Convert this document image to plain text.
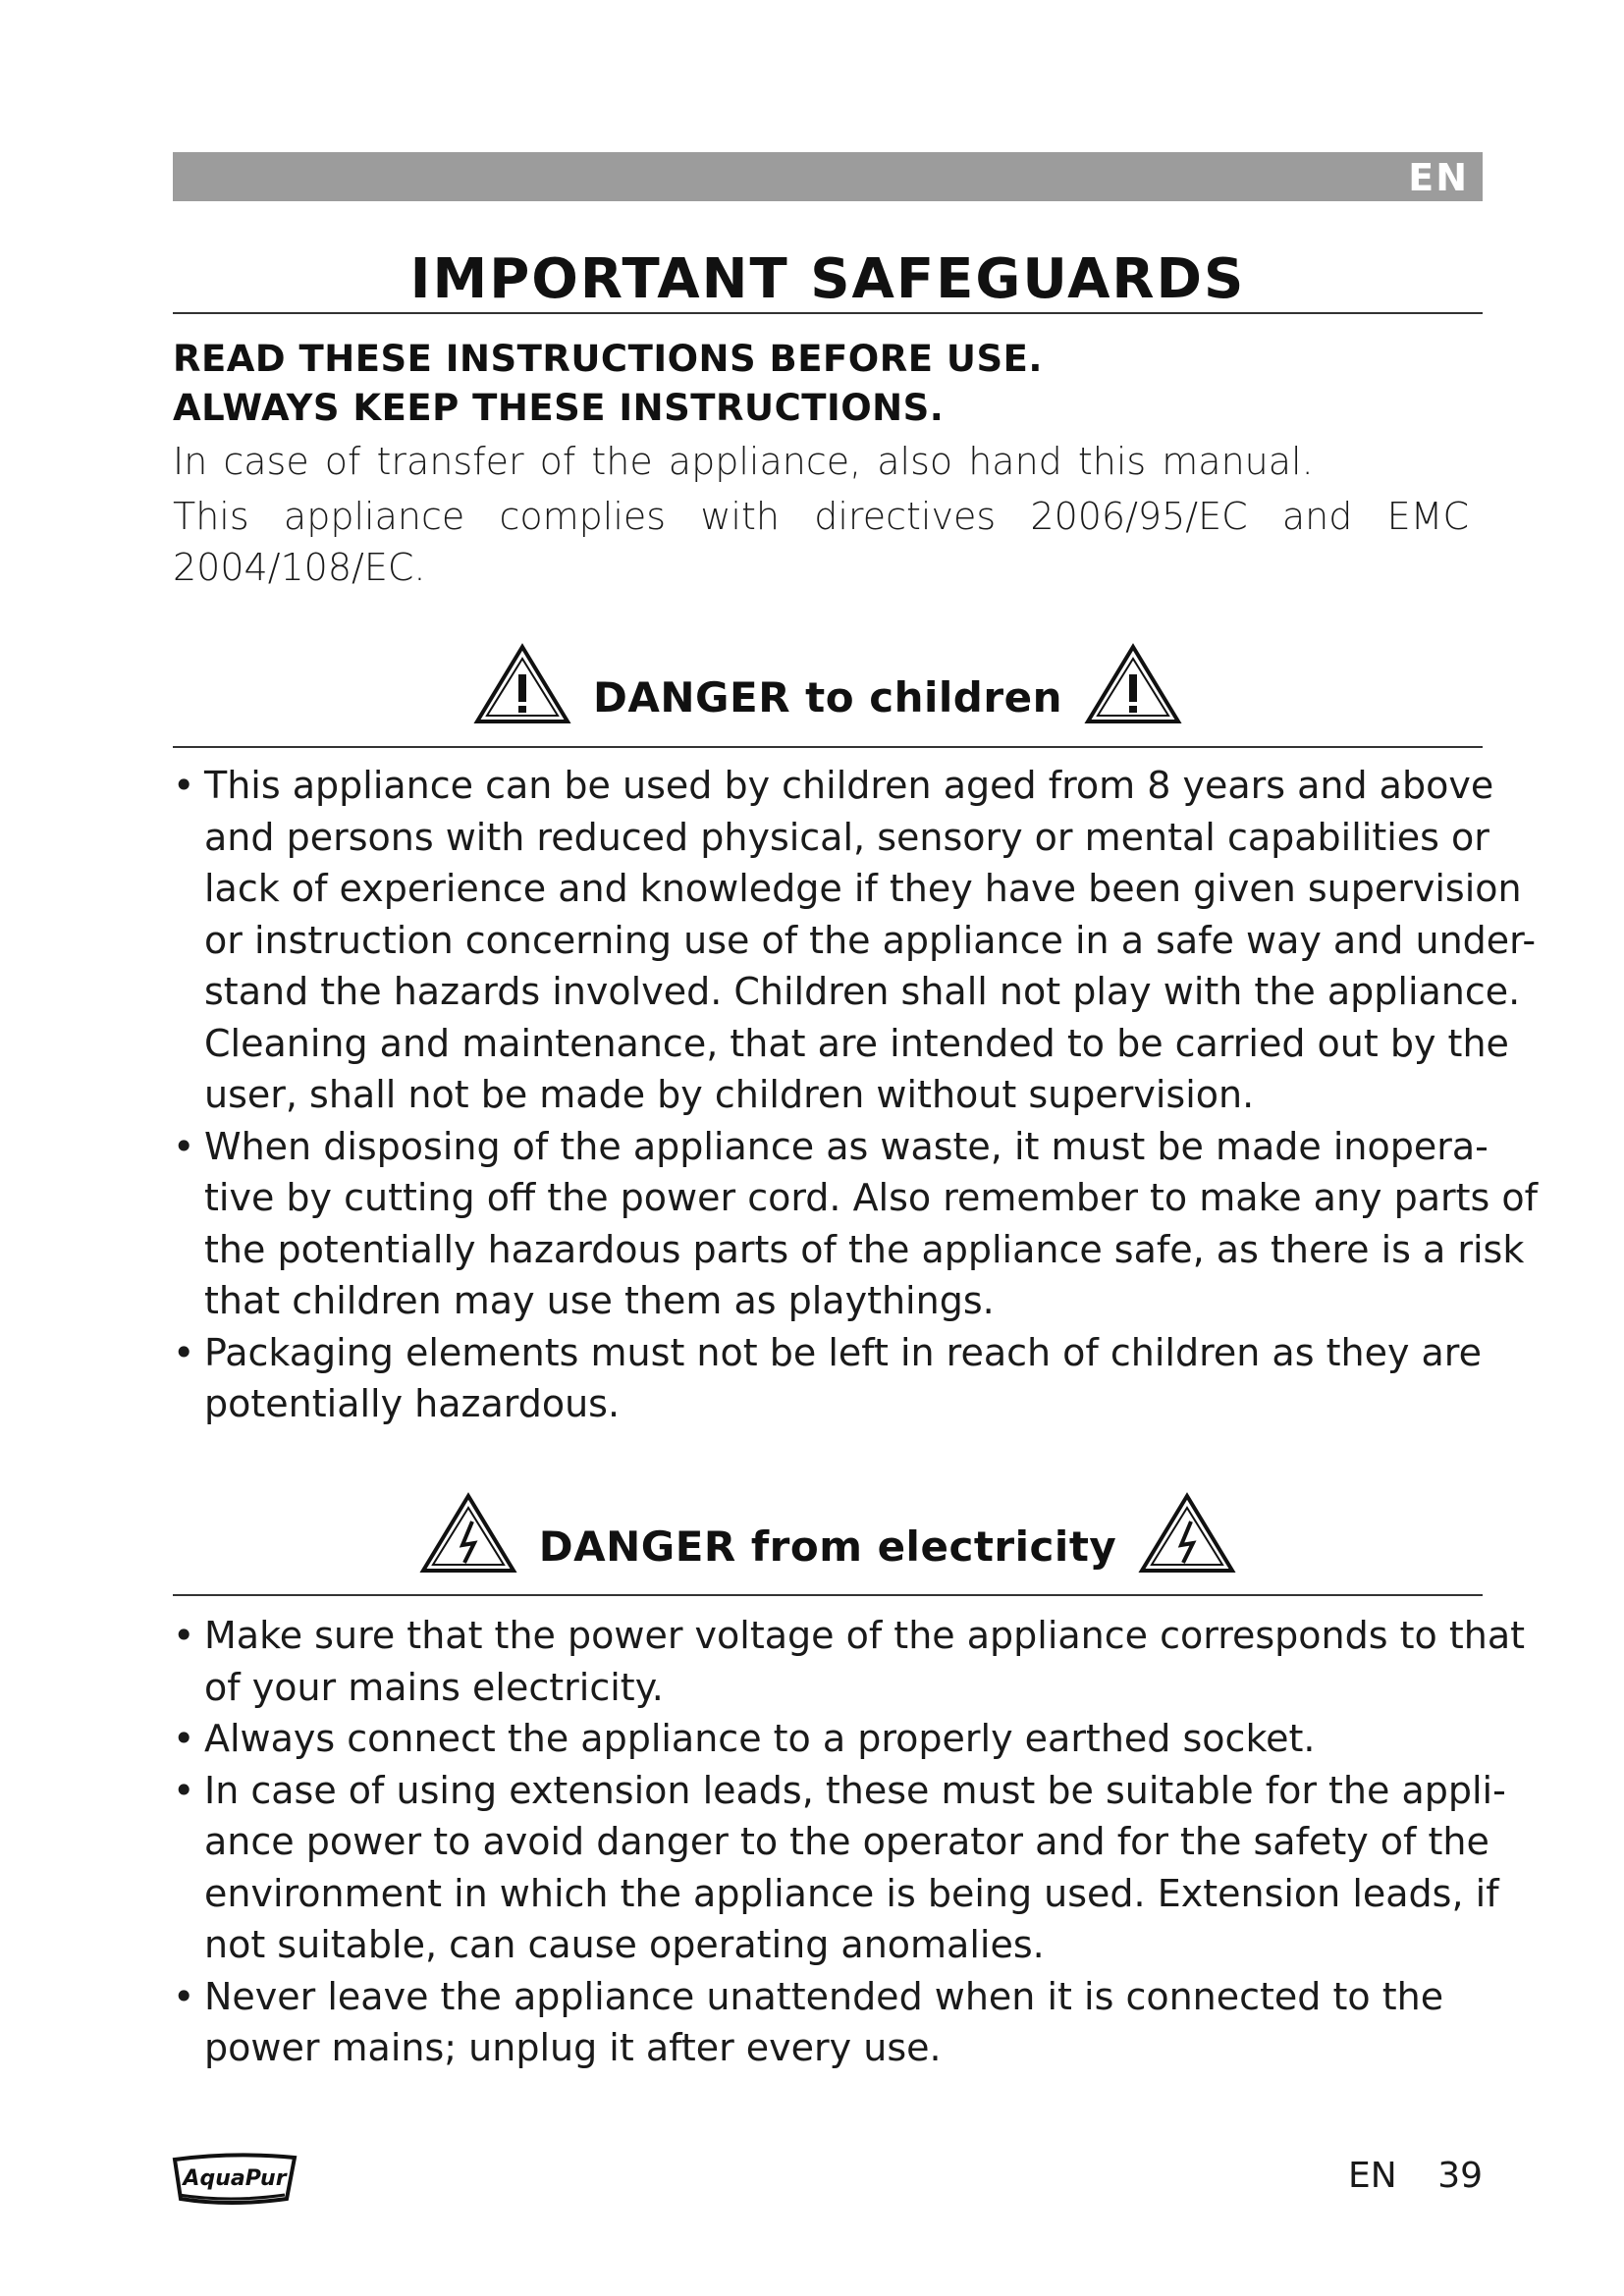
EN
IMPORTANT SAFEGUARDS
READ THESE INSTRUCTIONS BEFORE USE.
ALWAYS KEEP THESE INSTRUCTIONS.
In case of transfer of the appliance, also hand this manual.
This appliance complies with directives 2006/95/EC and EMC 2004/108/EC.
DANGER to children
• This appliance can be used by children aged from 8 years and above and persons with reduced physical, sensory or mental capabilities or lack of experience and knowledge if they have been given supervision or instruction concerning use of the appliance in a safe way and under-stand the hazards involved. Children shall not play with the appliance. Cleaning and maintenance, that are intended to be carried out by the user, shall not be made by children without supervision.
• When disposing of the appliance as waste, it must be made inopera-tive by cutting off the power cord. Also remember to make any parts of the potentially hazardous parts of the appliance safe, as there is a risk that children may use them as playthings.
• Packaging elements must not be left in reach of children as they are potentially hazardous.
DANGER from electricity
• Make sure that the power voltage of the appliance corresponds to that of your mains electricity.
• Always connect the appliance to a properly earthed socket.
• In case of using extension leads, these must be suitable for the appli-ance power to avoid danger to the operator and for the safety of the environment in which the appliance is being used. Extension leads, if not suitable, can cause operating anomalies.
• Never leave the appliance unattended when it is connected to the power mains; unplug it after every use.
AquaPur	EN 39
